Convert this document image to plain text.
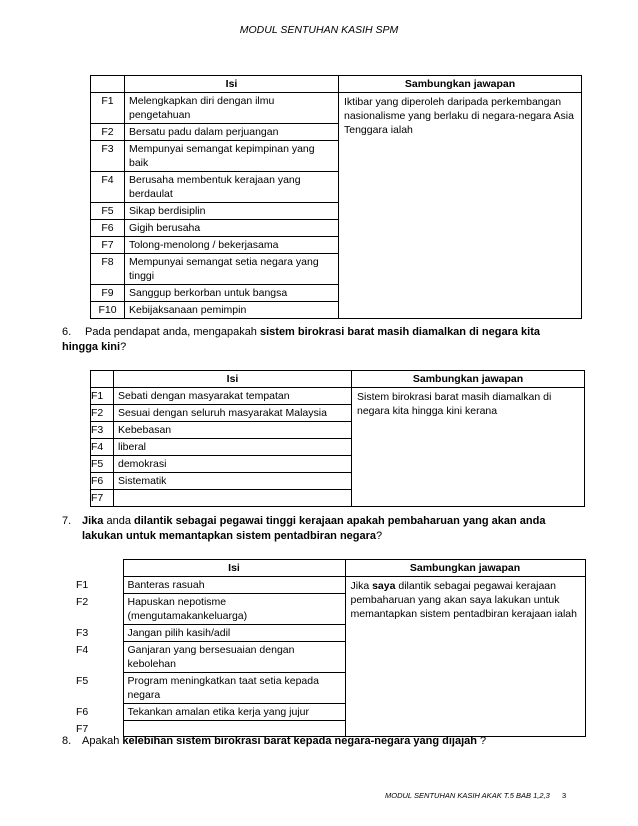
MODUL SENTUHAN KASIH SPM
	Isi	Sambungkan jawapan
F1	Melengkapkan diri dengan ilmu pengetahuan	Iktibar yang diperoleh daripada perkembangan nasionalisme yang berlaku di negara-negara Asia Tenggara ialah
F2	Bersatu padu dalam perjuangan	
F3	Mempunyai semangat kepimpinan yang baik	
F4	Berusaha membentuk kerajaan yang berdaulat	
F5	Sikap berdisiplin	
F6	Gigih berusaha	
F7	Tolong-menolong / bekerjasama	
F8	Mempunyai semangat setia negara yang tinggi	
F9	Sanggup berkorban untuk bangsa	
F10	Kebijaksanaan pemimpin	
6. Pada pendapat anda, mengapakah sistem birokrasi barat masih diamalkan di negara kita hingga kini?
	Isi	Sambungkan jawapan
F1	Sebati dengan masyarakat tempatan	Sistem birokrasi barat masih diamalkan di negara kita hingga kini kerana
F2	Sesuai dengan seluruh masyarakat Malaysia	
F3	Kebebasan	
F4	liberal	
F5	demokrasi	
F6	Sistematik	
F7		
7. Jika anda dilantik sebagai pegawai tinggi kerajaan apakah pembaharuan yang akan anda lakukan untuk memantapkan sistem pentadbiran negara?
	Isi	Sambungkan jawapan
F1	Banteras rasuah	Jika saya dilantik sebagai pegawai kerajaan pembaharuan yang akan saya lakukan untuk memantapkan sistem pentadbiran kerajaan ialah
F2	Hapuskan nepotisme (mengutamakankeluarga)	
F3	Jangan pilih kasih/adil	
F4	Ganjaran yang bersesuaian dengan kebolehan	
F5	Program meningkatkan taat setia kepada negara	
F6	Tekankan amalan etika kerja yang jujur	
F7		
8. Apakah kelebihan sistem birokrasi barat kepada negara-negara yang dijajah ?
MODUL SENTUHAN KASIH AKAK T.5 BAB 1,2,3 3
